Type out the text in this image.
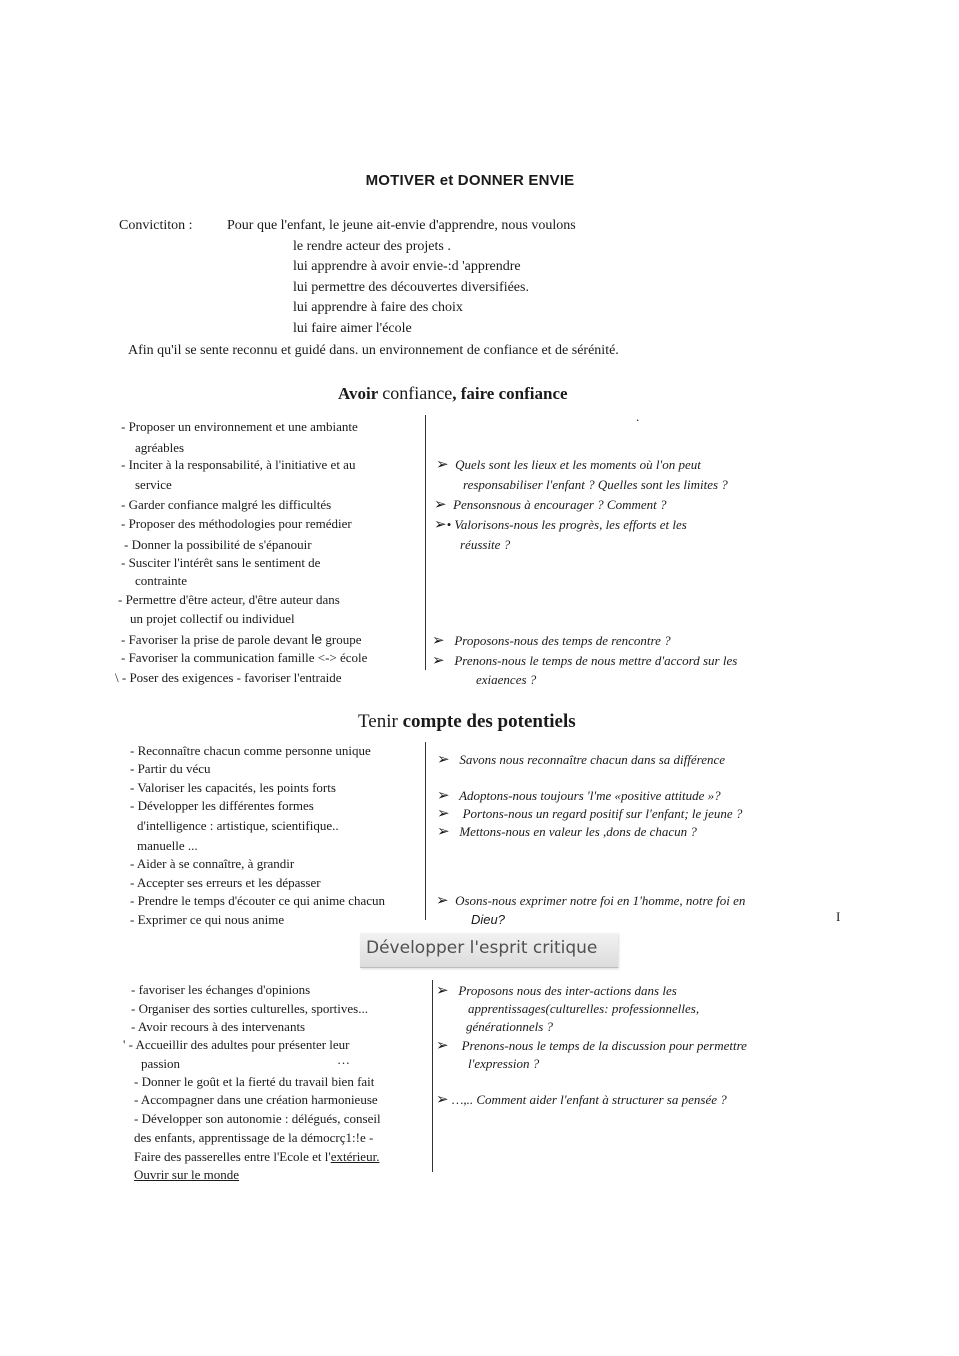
MOTIVER et DONNER ENVIE
Convictiton : Pour que l'enfant, le jeune ait-envie d'apprendre, nous voulons
le rendre acteur des projets .
lui apprendre à avoir envie-:d 'apprendre
lui permettre des découvertes diversifiées.
lui apprendre à faire des choix
lui faire aimer l'école
Afin qu'il se sente reconnu et guidé dans. un environnement de confiance et de sérénité.
Avoir confiance, faire confiance
.
- Proposer un environnement et une ambiante
agréables
- Inciter à la responsabilité, à l'initiative et au
service
- Garder confiance malgré les difficultés
- Proposer des méthodologies pour remédier
- Donner la possibilité de s'épanouir
- Susciter l'intérêt sans le sentiment de
contrainte
- Permettre d'être acteur, d'être auteur dans
un projet collectif ou individuel
- Favoriser la prise de parole devant le groupe
- Favoriser la communication famille <-> école
\ - Poser des exigences - favoriser l'entraide
➢ Quels sont les lieux et les moments où l'on peut
responsabiliser l'enfant ? Quelles sont les limites ?
➢ Pensonsnous à encourager ? Comment ?
➢• Valorisons-nous les progrès, les efforts et les
réussite ?
➢ Proposons-nous des temps de rencontre ?
➢ Prenons-nous le temps de nous mettre d'accord sur les
exiaences ?
Tenir compte des potentiels
- Reconnaître chacun comme personne unique
- Partir du vécu
- Valoriser les capacités, les points forts
- Développer les différentes formes
d'intelligence : artistique, scientifique..
manuelle ...
- Aider à se connaître, à grandir
- Accepter ses erreurs et les dépasser
- Prendre le temps d'écouter ce qui anime chacun
- Exprimer ce qui nous anime
➢ Savons nous reconnaître chacun dans sa différence
➢ Adoptons-nous toujours 'l'me «positive attitude »?
➢ Portons-nous un regard positif sur l'enfant; le jeune ?
➢ Mettons-nous en valeur les ,dons de chacun ?
➢ Osons-nous exprimer notre foi en 1'homme, notre foi en
Dieu?	I
Développer l'esprit critique
- favoriser les échanges d'opinions
- Organiser des sorties culturelles, sportives...
- Avoir recours à des intervenants
' - Accueillir des adultes pour présenter leur
passion	…
- Donner le goût et la fierté du travail bien fait
- Accompagner dans une création harmonieuse
- Développer son autonomie : délégués, conseil
des enfants, apprentissage de la démocrç1:!e -
Faire des passerelles entre l'Ecole et l'extérieur.
Ouvrir sur le monde
➢ Proposons nous des inter-actions dans les
apprentissages(culturelles: professionnelles,
générationnels ?
➢ Prenons-nous le temps de la discussion pour permettre
l'expression ?
➢ …,.. Comment aider l'enfant à structurer sa pensée ?
